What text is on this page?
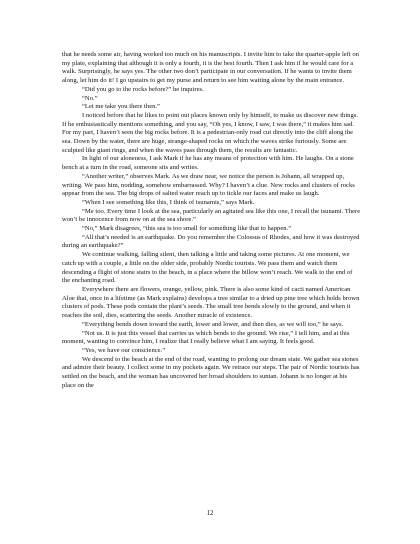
that he needs some air, having worked too much on his manuscripts. I invite him to take the quarter-apple left on my plate, explaining that although it is only a fourth, it is the best fourth. Then I ask him if he would care for a walk. Surprisingly, he says yes. The other two don’t participate in our conversation. If he wants to invite them along, let him do it! I go upstairs to get my purse and return to see him waiting alone by the main entrance.

“Did you go to the rocks before?” he inquires.

“No.”

“Let me take you there then.”

I noticed before that he likes to point out places known only by himself, to make us discover new things. If he enthusiastically mentions something, and you say, “Oh yes, I know, I saw, I was there,” it makes him sad. For my part, I haven’t seen the big rocks before. It is a pedestrian-only road cut directly into the cliff along the sea. Down by the water, there are huge, strange-shaped rocks on which the waves strike furiously. Some are sculpted like giant rings, and when the waves pass through them, the results are fantastic.

In light of our aloneness, I ask Mark if he has any means of protection with him. He laughs. On a stone bench at a turn in the road, someone sits and writes.

“Another writer,” observes Mark. As we draw near, we notice the person is Johann, all wrapped up, writing. We pass him, nodding, somehow embarrassed. Why? I haven’t a clue. New rocks and clusters of rocks appear from the sea. The big drops of salted water reach up to tickle our faces and make us laugh.

“When I see something like this, I think of tsunamis,” says Mark.

“Me too. Every time I look at the sea, particularly an agitated sea like this one, I recall the tsunami. There won’t be innocence from now on at the sea shore.”

“No,” Mark disagrees, “this sea is too small for something like that to happen.”

“All that’s needed is an earthquake. Do you remember the Colossus of Rhodes, and how it was destroyed during an earthquake?”

We continue walking, falling silent, then talking a little and taking some pictures. At one moment, we catch up with a couple, a little on the older side, probably Nordic tourists. We pass them and watch them descending a flight of stone stairs to the beach, in a place where the billow won’t reach. We walk to the end of the enchanting road.

Everywhere there are flowers, orange, yellow, pink. There is also some kind of cacti named American Aloe that, once in a lifetime (as Mark explains) develops a tree similar to a dried up pine tree which holds brown clusters of pods. These pods contain the plant’s seeds. The small tree bends slowly to the ground, and when it reaches the soil, dies, scattering the seeds. Another miracle of existence.

“Everything bends down toward the earth, lower and lower, and then dies, as we will too,” he says.

“Not us. It is just this vessel that carries us which bends to the ground. We rise,” I tell him, and at this moment, wanting to convince him, I realize that I really believe what I am saying. It feels good.

“Yes, we have our conscience.”

We descend to the beach at the end of the road, wanting to prolong our dream state. We gather sea stones and admire their beauty. I collect some in my pockets again. We retrace our steps. The pair of Nordic tourists has settled on the beach, and the woman has uncovered her broad shoulders to suntan. Johann is no longer at his place on the

12
